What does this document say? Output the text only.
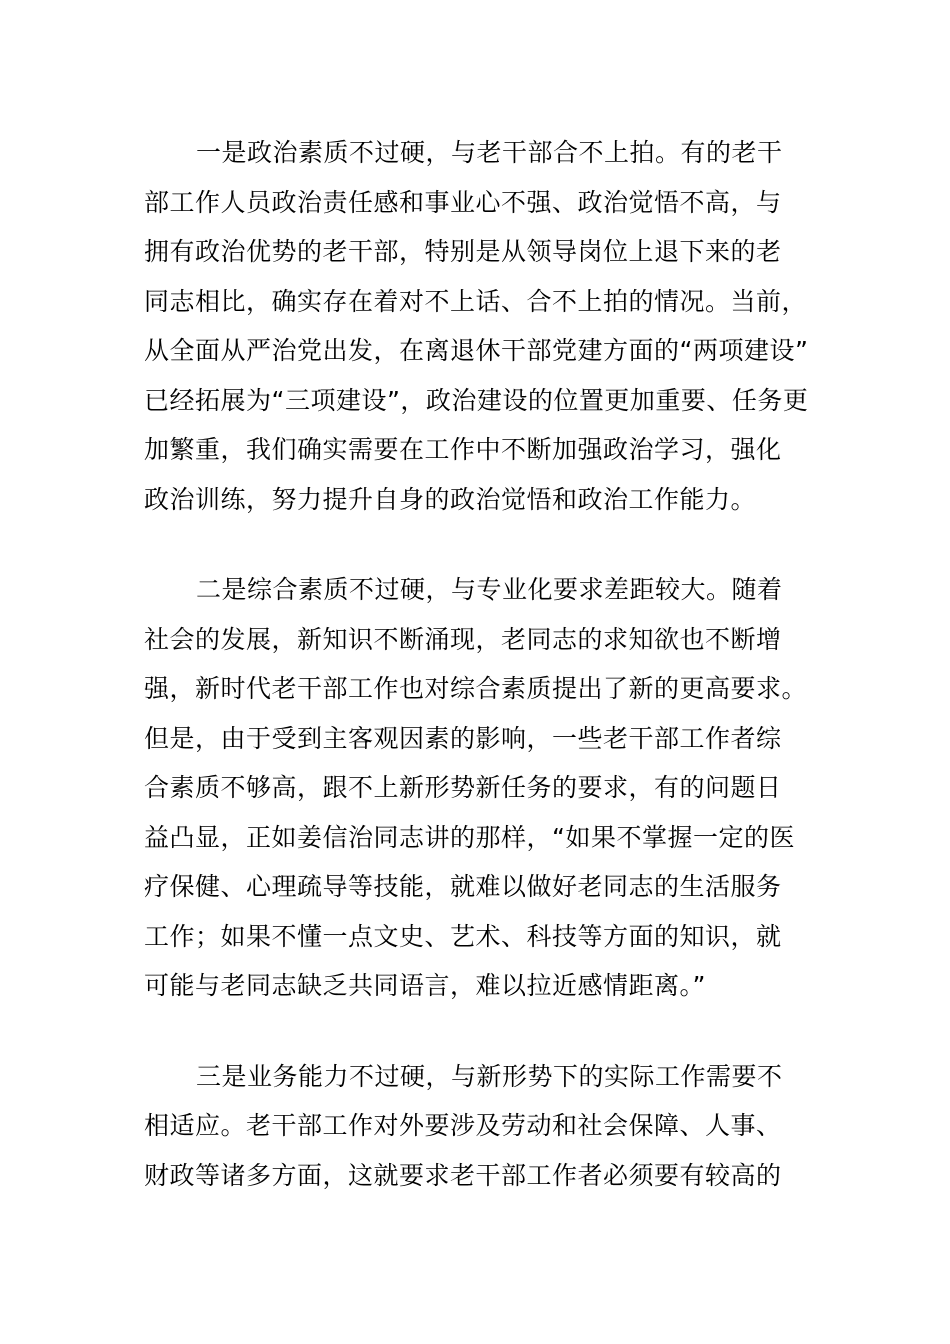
一是政治素质不过硬，与老干部合不上拍。有的老干
部工作人员政治责任感和事业心不强、政治觉悟不高，与
拥有政治优势的老干部，特别是从领导岗位上退下来的老
同志相比，确实存在着对不上话、合不上拍的情况。当前，
从全面从严治党出发，在离退休干部党建方面的“两项建设”
已经拓展为“三项建设”，政治建设的位置更加重要、任务更
加繁重，我们确实需要在工作中不断加强政治学习，强化
政治训练，努力提升自身的政治觉悟和政治工作能力。
二是综合素质不过硬，与专业化要求差距较大。随着
社会的发展，新知识不断涌现，老同志的求知欲也不断增
强，新时代老干部工作也对综合素质提出了新的更高要求。
但是，由于受到主客观因素的影响，一些老干部工作者综
合素质不够高，跟不上新形势新任务的要求，有的问题日
益凸显，正如姜信治同志讲的那样，“如果不掌握一定的医
疗保健、心理疏导等技能，就难以做好老同志的生活服务
工作；如果不懂一点文史、艺术、科技等方面的知识，就
可能与老同志缺乏共同语言，难以拉近感情距离。”
三是业务能力不过硬，与新形势下的实际工作需要不
相适应。老干部工作对外要涉及劳动和社会保障、人事、
财政等诸多方面，这就要求老干部工作者必须要有较高的
